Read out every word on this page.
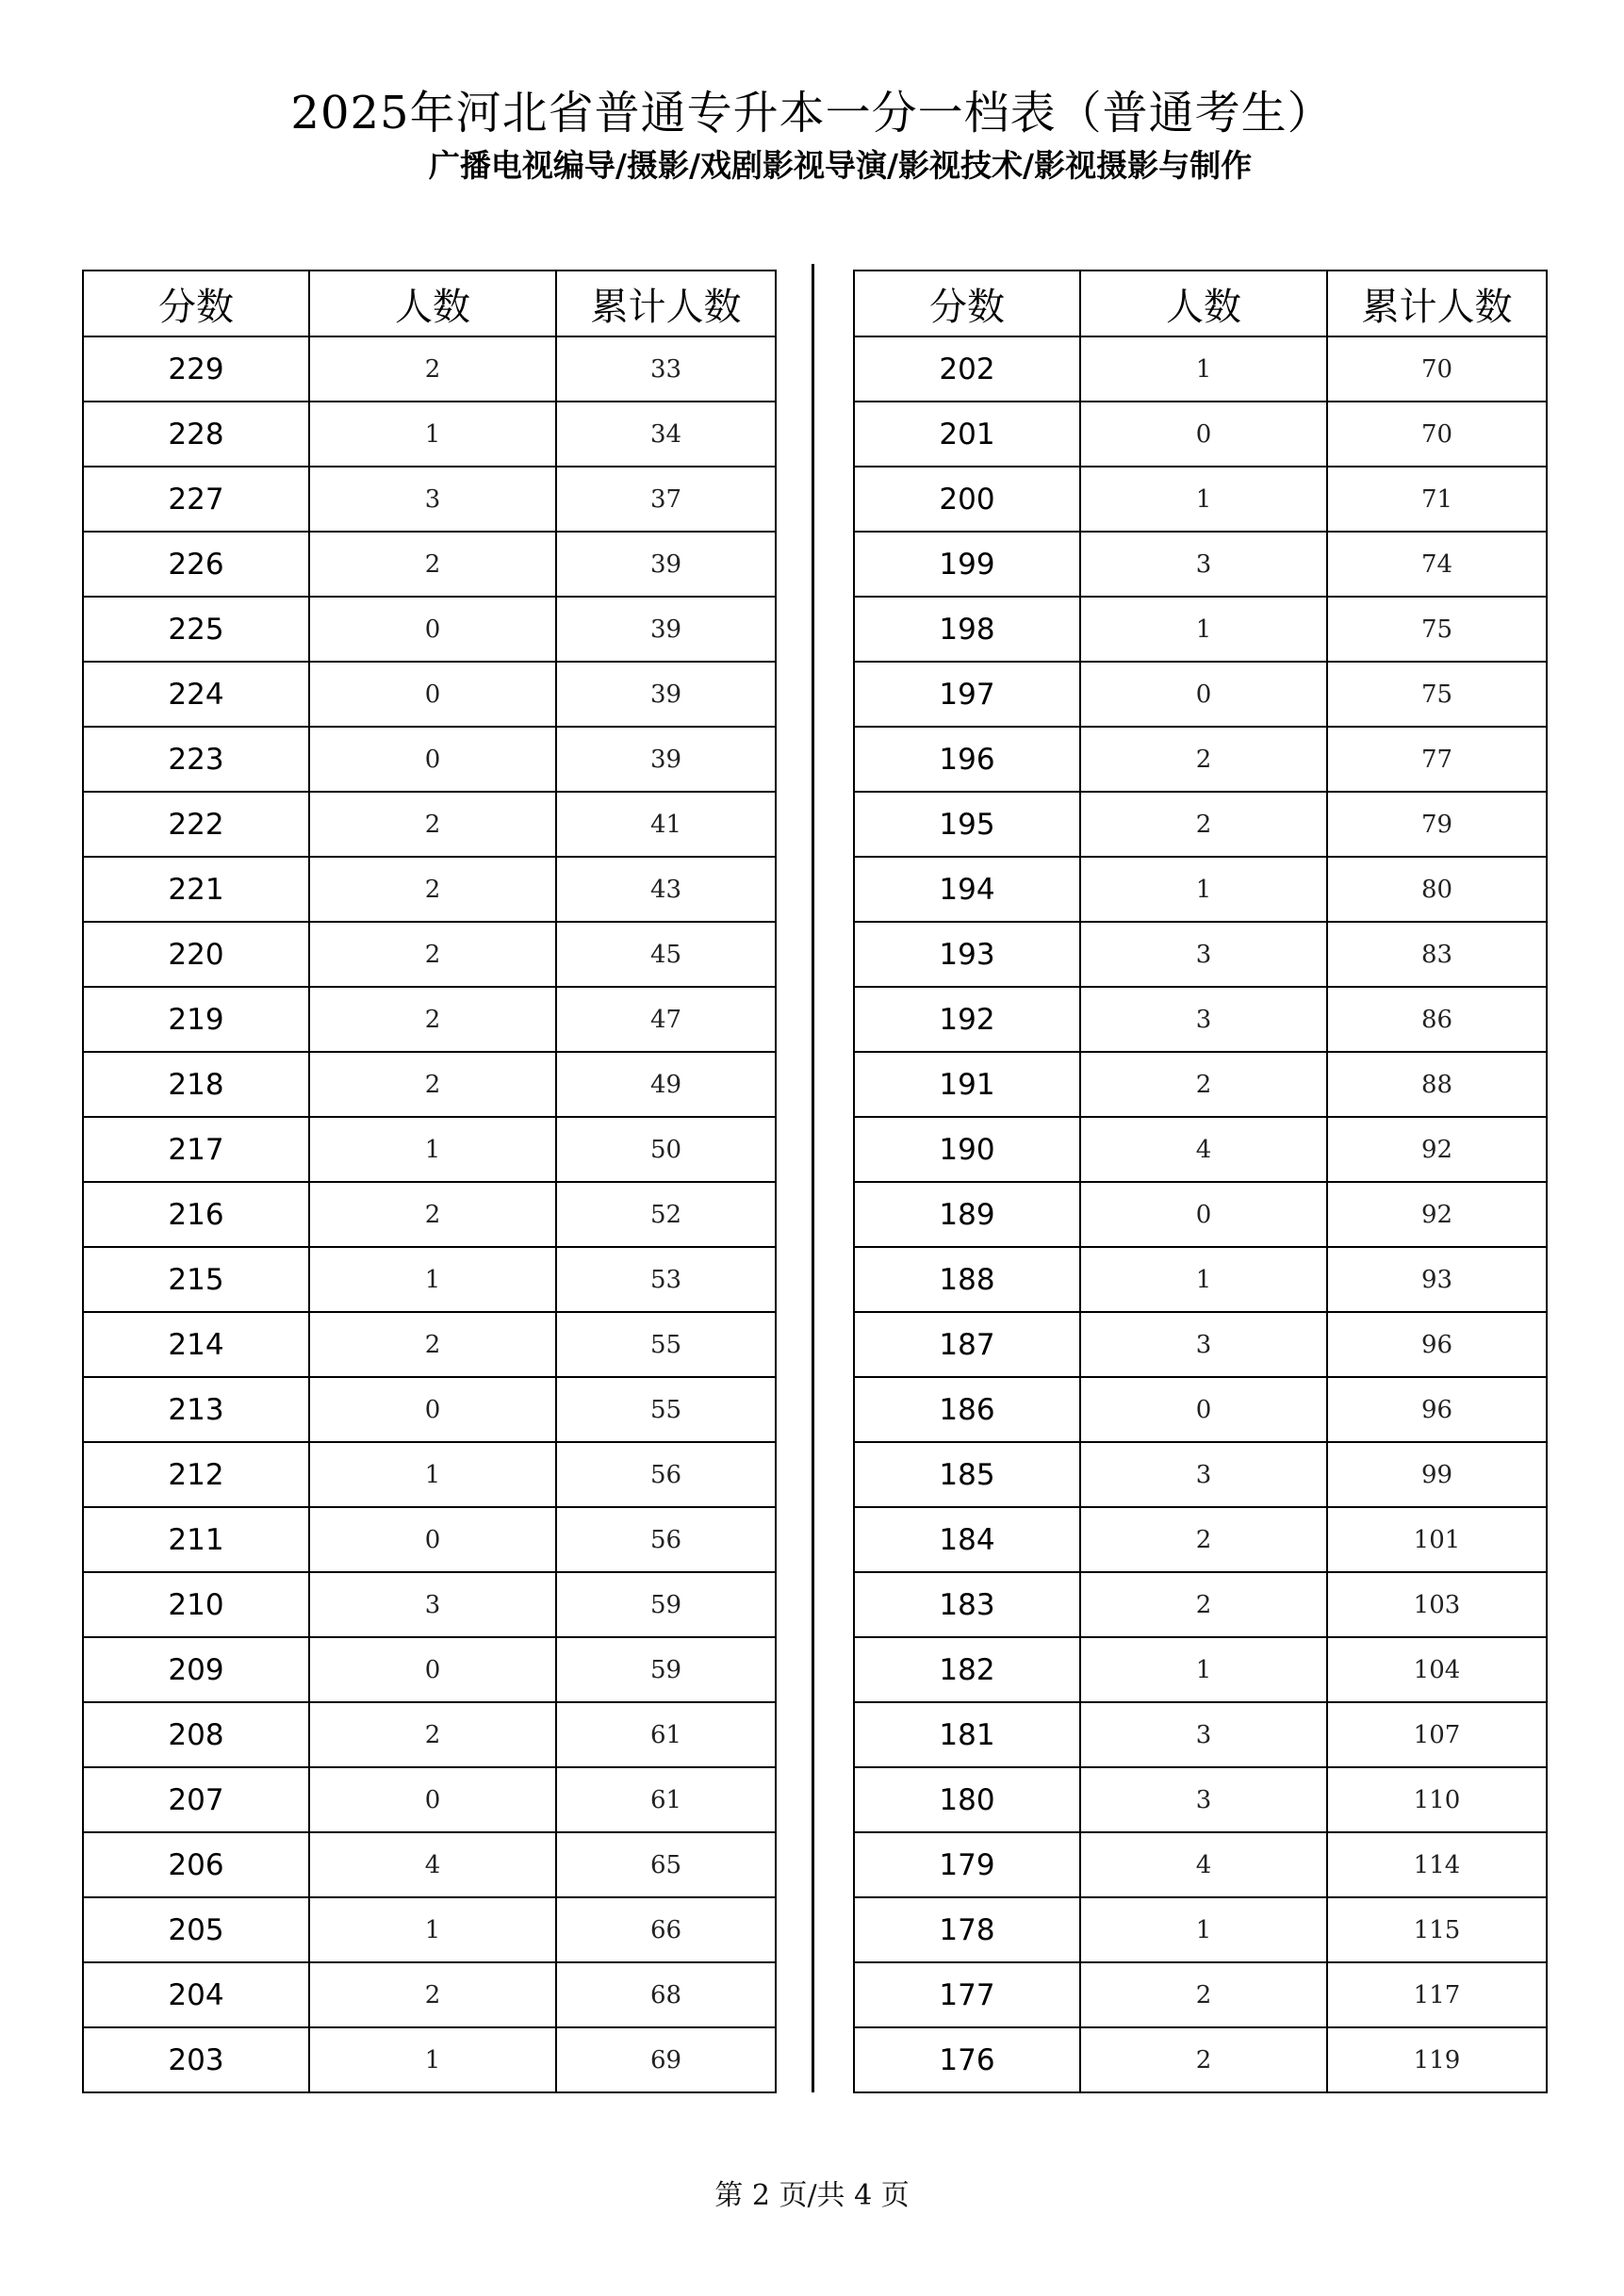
2025年河北省普通专升本一分一档表（普通考生）
广播电视编导/摄影/戏剧影视导演/影视技术/影视摄影与制作
分数	人数	累计人数
229	2	33
228	1	34
227	3	37
226	2	39
225	0	39
224	0	39
223	0	39
222	2	41
221	2	43
220	2	45
219	2	47
218	2	49
217	1	50
216	2	52
215	1	53
214	2	55
213	0	55
212	1	56
211	0	56
210	3	59
209	0	59
208	2	61
207	0	61
206	4	65
205	1	66
204	2	68
203	1	69
分数	人数	累计人数
202	1	70
201	0	70
200	1	71
199	3	74
198	1	75
197	0	75
196	2	77
195	2	79
194	1	80
193	3	83
192	3	86
191	2	88
190	4	92
189	0	92
188	1	93
187	3	96
186	0	96
185	3	99
184	2	101
183	2	103
182	1	104
181	3	107
180	3	110
179	4	114
178	1	115
177	2	117
176	2	119
第 2 页/共 4 页
